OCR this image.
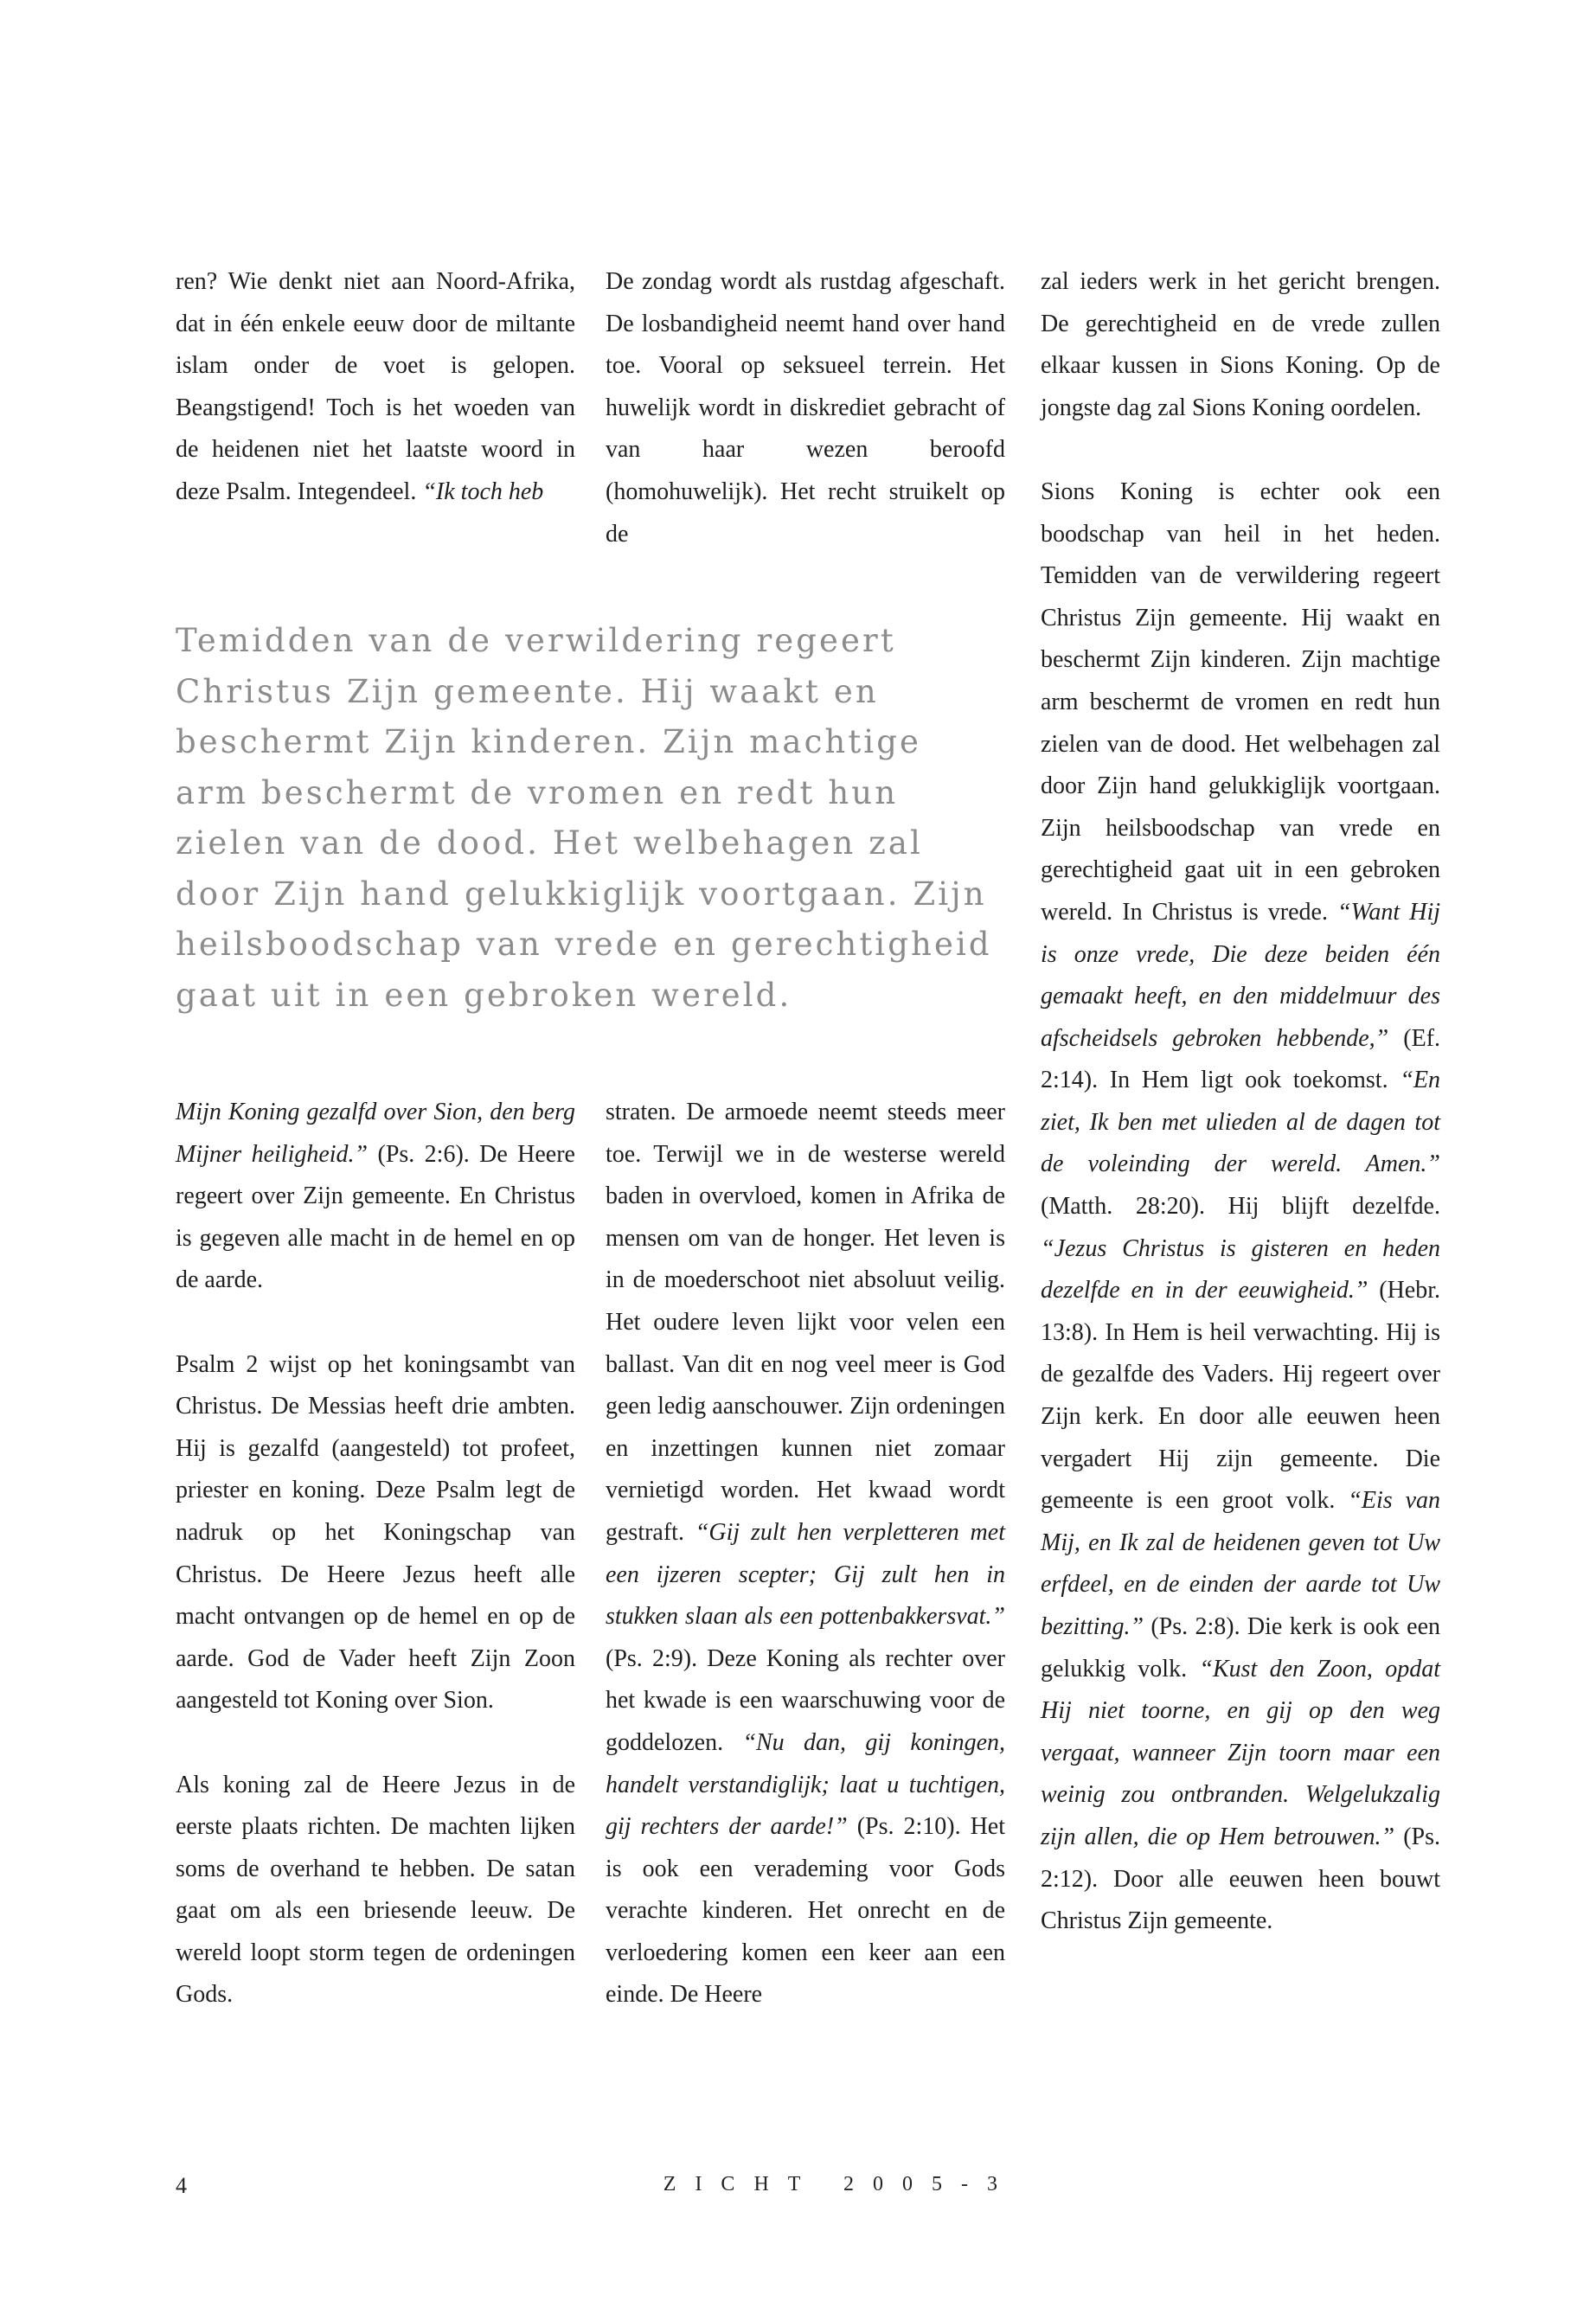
ren? Wie denkt niet aan Noord-Afrika, dat in één enkele eeuw door de miltante islam onder de voet is gelopen. Beangstigend! Toch is het woeden van de heidenen niet het laatste woord in deze Psalm. Integendeel. “Ik toch heb

De zondag wordt als rustdag afgeschaft. De losbandigheid neemt hand over hand toe. Vooral op seksueel terrein. Het huwelijk wordt in diskrediet gebracht of van haar wezen beroofd (homohuwelijk). Het recht struikelt op de

Temidden van de verwildering regeert Christus Zijn gemeente. Hij waakt en beschermt Zijn kinderen. Zijn machtige arm beschermt de vromen en redt hun zielen van de dood. Het welbehagen zal door Zijn hand gelukkiglijk voortgaan. Zijn heilsboodschap van vrede en gerechtigheid gaat uit in een gebroken wereld.

Mijn Koning gezalfd over Sion, den berg Mijner heiligheid.” (Ps. 2:6). De Heere regeert over Zijn gemeente. En Christus is gegeven alle macht in de hemel en op de aarde.

Psalm 2 wijst op het koningsambt van Christus. De Messias heeft drie ambten. Hij is gezalfd (aangesteld) tot profeet, priester en koning. Deze Psalm legt de nadruk op het Koningschap van Christus. De Heere Jezus heeft alle macht ontvangen op de hemel en op de aarde. God de Vader heeft Zijn Zoon aangesteld tot Koning over Sion.

Als koning zal de Heere Jezus in de eerste plaats richten. De machten lijken soms de overhand te hebben. De satan gaat om als een briesende leeuw. De wereld loopt storm tegen de ordeningen Gods.

straten. De armoede neemt steeds meer toe. Terwijl we in de westerse wereld baden in overvloed, komen in Afrika de mensen om van de honger. Het leven is in de moederschoot niet absoluut veilig. Het oudere leven lijkt voor velen een ballast. Van dit en nog veel meer is God geen ledig aanschouwer. Zijn ordeningen en inzettingen kunnen niet zomaar vernietigd worden. Het kwaad wordt gestraft. “Gij zult hen verpletteren met een ijzeren scepter; Gij zult hen in stukken slaan als een pottenbakkersvat.” (Ps. 2:9). Deze Koning als rechter over het kwade is een waarschuwing voor de goddelozen. “Nu dan, gij koningen, handelt verstandiglijk; laat u tuchtigen, gij rechters der aarde!” (Ps. 2:10). Het is ook een verademing voor Gods verachte kinderen. Het onrecht en de verloedering komen een keer aan een einde. De Heere

zal ieders werk in het gericht brengen. De gerechtigheid en de vrede zullen elkaar kussen in Sions Koning. Op de jongste dag zal Sions Koning oordelen.

Sions Koning is echter ook een boodschap van heil in het heden. Temidden van de verwildering regeert Christus Zijn gemeente. Hij waakt en beschermt Zijn kinderen. Zijn machtige arm beschermt de vromen en redt hun zielen van de dood. Het welbehagen zal door Zijn hand gelukkiglijk voortgaan. Zijn heilsboodschap van vrede en gerechtigheid gaat uit in een gebroken wereld. In Christus is vrede. “Want Hij is onze vrede, Die deze beiden één gemaakt heeft, en den middelmuur des afscheidsels gebroken hebbende,” (Ef. 2:14). In Hem ligt ook toekomst. “En ziet, Ik ben met ulieden al de dagen tot de voleinding der wereld. Amen.” (Matth. 28:20). Hij blijft dezelfde. “Jezus Christus is gisteren en heden dezelfde en in der eeuwigheid.” (Hebr. 13:8). In Hem is heil verwachting. Hij is de gezalfde des Vaders. Hij regeert over Zijn kerk. En door alle eeuwen heen vergadert Hij zijn gemeente. Die gemeente is een groot volk. “Eis van Mij, en Ik zal de heidenen geven tot Uw erfdeel, en de einden der aarde tot Uw bezitting.” (Ps. 2:8). Die kerk is ook een gelukkig volk. “Kust den Zoon, opdat Hij niet toorne, en gij op den weg vergaat, wanneer Zijn toorn maar een weinig zou ontbranden. Welgelukzalig zijn allen, die op Hem betrouwen.” (Ps. 2:12). Door alle eeuwen heen bouwt Christus Zijn gemeente.

4	ZICHT 2005-3
